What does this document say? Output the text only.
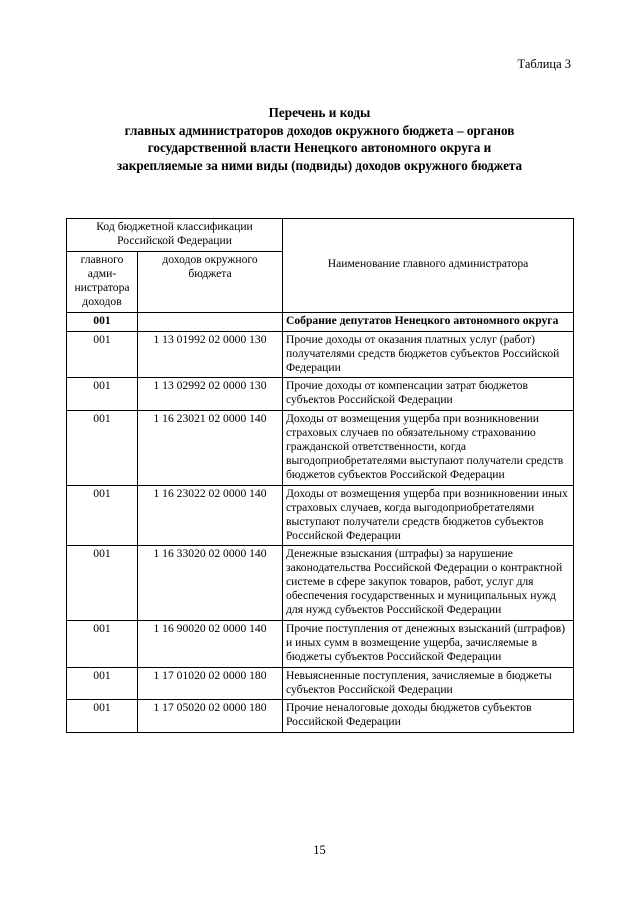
Таблица 3
Перечень и коды
главных администраторов доходов окружного бюджета – органов
государственной власти Ненецкого автономного округа и
закрепляемые за ними виды (подвиды) доходов окружного бюджета
Код бюджетной классификации Российской Федерации		Наименование главного администратора
главного адми-нистратора доходов	доходов окружного бюджета	
001		Собрание депутатов Ненецкого автономного округа
001	1 13 01992 02 0000 130	Прочие доходы от оказания платных услуг (работ) получателями средств бюджетов субъектов Российской Федерации
001	1 13 02992 02 0000 130	Прочие доходы от компенсации затрат бюджетов субъектов Российской Федерации
001	1 16 23021 02 0000 140	Доходы от возмещения ущерба при возникновении страховых случаев по обязательному страхованию гражданской ответственности, когда выгодоприобретателями выступают получатели средств бюджетов субъектов Российской Федерации
001	1 16 23022 02 0000 140	Доходы от возмещения ущерба при возникновении иных страховых случаев, когда выгодоприобретателями выступают получатели средств бюджетов субъектов Российской Федерации
001	1 16 33020 02 0000 140	Денежные взыскания (штрафы) за нарушение законодательства Российской Федерации о контрактной системе в сфере закупок товаров, работ, услуг для обеспечения государственных и муниципальных нужд для нужд субъектов Российской Федерации
001	1 16 90020 02 0000 140	Прочие поступления от денежных взысканий (штрафов) и иных сумм в возмещение ущерба, зачисляемые в бюджеты субъектов Российской Федерации
001	1 17 01020 02 0000 180	Невыясненные поступления, зачисляемые в бюджеты субъектов Российской Федерации
001	1 17 05020 02 0000 180	Прочие неналоговые доходы бюджетов субъектов Российской Федерации
15
